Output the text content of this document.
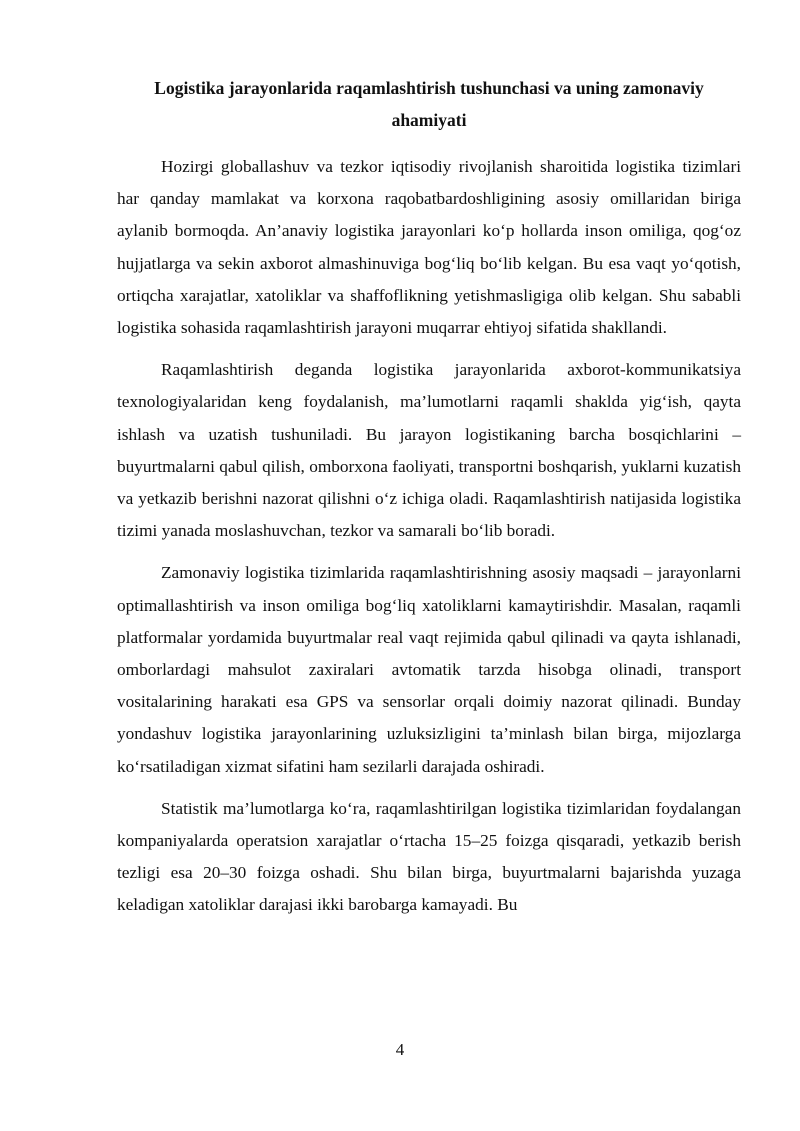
Logistika jarayonlarida raqamlashtirish tushunchasi va uning zamonaviy ahamiyati

Hozirgi globallashuv va tezkor iqtisodiy rivojlanish sharoitida logistika tizimlari har qanday mamlakat va korxona raqobatbardoshligining asosiy omillaridan biriga aylanib bormoqda. An’anaviy logistika jarayonlari ko‘p hollarda inson omiliga, qog‘oz hujjatlarga va sekin axborot almashinuviga bog‘liq bo‘lib kelgan. Bu esa vaqt yo‘qotish, ortiqcha xarajatlar, xatoliklar va shaffoflikning yetishmasligiga olib kelgan. Shu sababli logistika sohasida raqamlashtirish jarayoni muqarrar ehtiyoj sifatida shakllandi.

Raqamlashtirish deganda logistika jarayonlarida axborot-kommunikatsiya texnologiyalaridan keng foydalanish, ma’lumotlarni raqamli shaklda yig‘ish, qayta ishlash va uzatish tushuniladi. Bu jarayon logistikaning barcha bosqichlarini – buyurtmalarni qabul qilish, omborxona faoliyati, transportni boshqarish, yuklarni kuzatish va yetkazib berishni nazorat qilishni o‘z ichiga oladi. Raqamlashtirish natijasida logistika tizimi yanada moslashuvchan, tezkor va samarali bo‘lib boradi.

Zamonaviy logistika tizimlarida raqamlashtirishning asosiy maqsadi – jarayonlarni optimallashtirish va inson omiliga bog‘liq xatoliklarni kamaytirishdir. Masalan, raqamli platformalar yordamida buyurtmalar real vaqt rejimida qabul qilinadi va qayta ishlanadi, omborlardagi mahsulot zaxiralari avtomatik tarzda hisobga olinadi, transport vositalarining harakati esa GPS va sensorlar orqali doimiy nazorat qilinadi. Bunday yondashuv logistika jarayonlarining uzluksizligini ta’minlash bilan birga, mijozlarga ko‘rsatiladigan xizmat sifatini ham sezilarli darajada oshiradi.

Statistik ma’lumotlarga ko‘ra, raqamlashtirilgan logistika tizimlaridan foydalangan kompaniyalarda operatsion xarajatlar o‘rtacha 15–25 foizga qisqaradi, yetkazib berish tezligi esa 20–30 foizga oshadi. Shu bilan birga, buyurtmalarni bajarishda yuzaga keladigan xatoliklar darajasi ikki barobarga kamayadi. Bu

4
